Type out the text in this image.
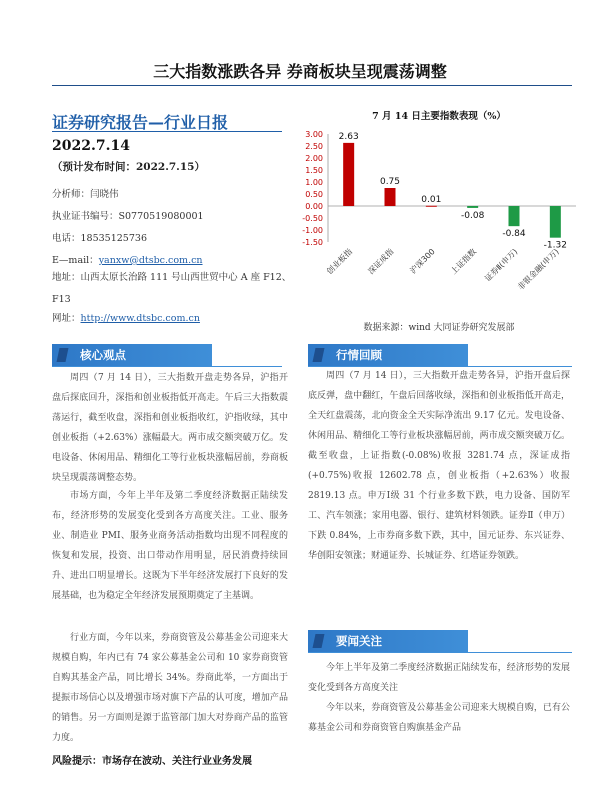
三大指数涨跌各异 券商板块呈现震荡调整
证券研究报告—行业日报
2022.7.14
（预计发布时间：2022.7.15）
分析师：闫晓伟
执业证书编号：S0770519080001
电话：18535125736
E—mail：yanxw@dtsbc.com.cn
地址：山西太原长治路 111 号山西世贸中心 A 座 F12、F13
网址：http://www.dtsbc.com.cn
7 月 14 日主要指数表现（%）
3.00
2.50
2.00
1.50
1.00
0.50
0.00
-0.50
-1.00
-1.50
2.63
创业板指
0.75
深证成指
0.01
沪深300
-0.08
上证指数
-0.84
证券Ⅱ(申万)
-1.32
非银金融(申万)
数据来源：wind 大同证券研究发展部
核心观点
周四（7 月 14 日），三大指数开盘走势各异，沪指开盘后探底回升，深指和创业板指低开高走。午后三大指数震荡运行，截至收盘，深指和创业板指收红，沪指收绿，其中创业板指（+2.63%）涨幅最大。两市成交额突破万亿。发电设备、休闲用品、精细化工等行业板块涨幅居前，券商板块呈现震荡调整态势。
市场方面，今年上半年及第二季度经济数据正陆续发布，经济形势的发展变化受到各方高度关注。工业、服务业、制造业 PMI、服务业商务活动指数均出现不同程度的恢复和发展，投资、出口带动作用明显，居民消费持续回升、进出口明显增长。这既为下半年经济发展打下良好的发展基础，也为稳定全年经济发展预期奠定了主基调。
行业方面，今年以来，券商资管及公募基金公司迎来大规模自购，年内已有 74 家公募基金公司和 10 家券商资管自购其基金产品，同比增长 34%。券商此举，一方面出于提振市场信心以及增强市场对旗下产品的认可度，增加产品的销售。另一方面则是源于监管部门加大对券商产品的监管力度。
行情回顾
周四（7 月 14 日），三大指数开盘走势各异，沪指开盘后探底反弹，盘中翻红，午盘后回落收绿，深指和创业板指低开高走，全天红盘震荡，北向资金全天实际净流出 9.17 亿元。发电设备、休闲用品、精细化工等行业板块涨幅居前，两市成交额突破万亿。截至收盘，上证指数(-0.08%)收报 3281.74 点，深证成指(+0.75%)收报 12602.78 点，创业板指（+2.63%）收报 2819.13 点。申万Ⅰ级 31 个行业多数下跌，电力设备、国防军工、汽车领涨；家用电器、银行、建筑材料领跌。证券Ⅱ（申万）下跌 0.84%，上市券商多数下跌，其中，国元证券、东兴证券、华创阳安领涨；财通证券、长城证券、红塔证券领跌。
要闻关注
今年上半年及第二季度经济数据正陆续发布，经济形势的发展变化受到各方高度关注
今年以来，券商资管及公募基金公司迎来大规模自购，已有公募基金公司和券商资管自购旗基金产品
风险提示：市场存在波动、关注行业业务发展
